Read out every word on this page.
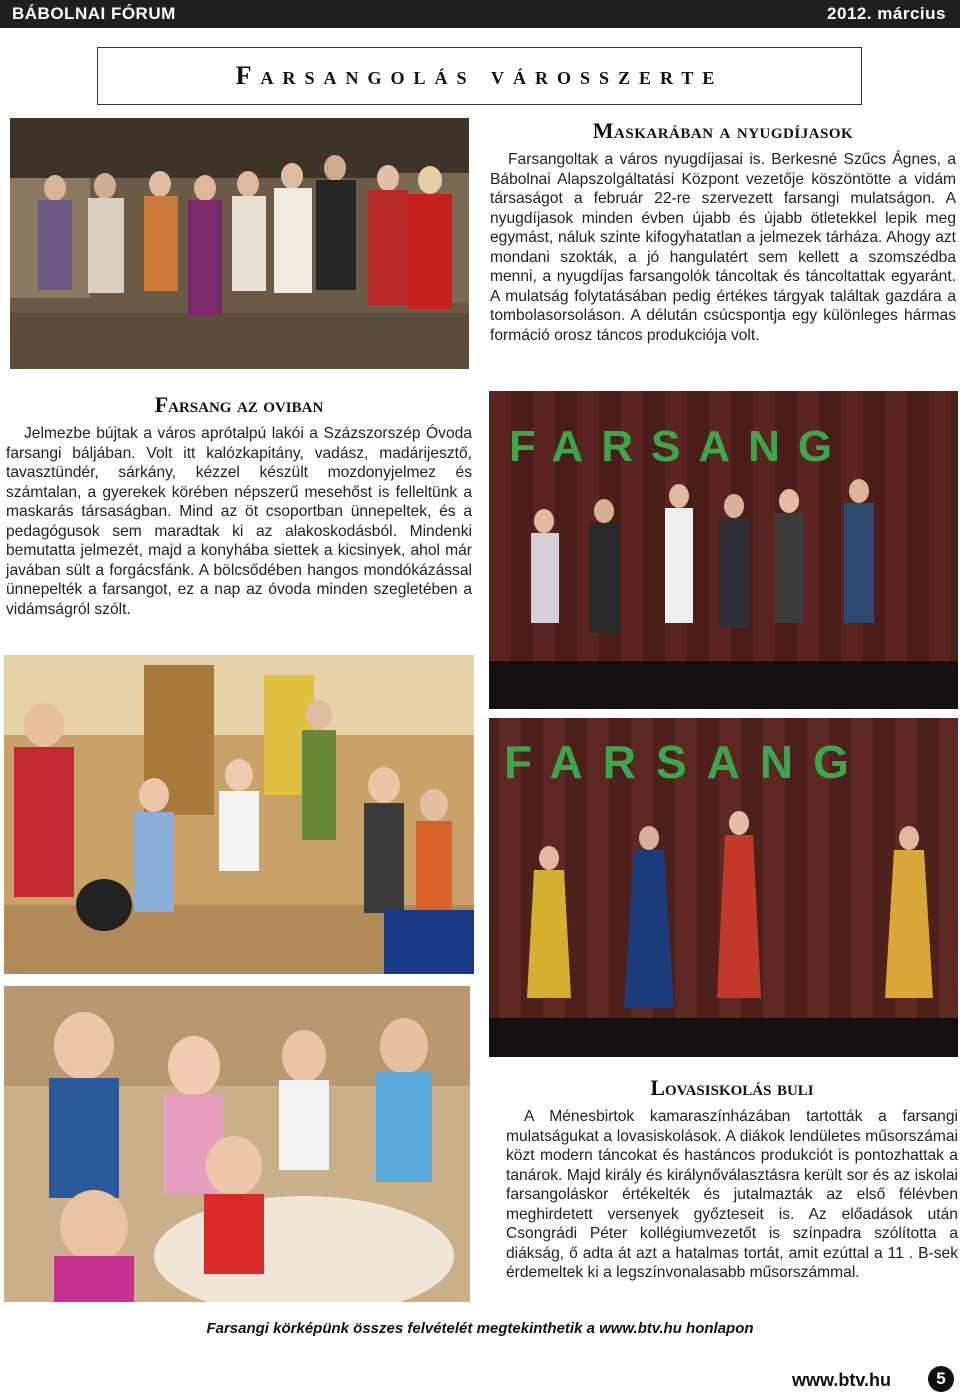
BÁBOLNAI FÓRUM	2012. március
Farsangolás városszerte
Maskarában a nyugdíjasok

Farsangoltak a város nyugdíjasai is. Berkesné Szűcs Ágnes, a Bábolnai Alapszolgáltatási Központ vezetője köszöntötte a vidám társaságot a február 22-re szervezett farsangi mulatságon. A nyugdíjasok minden évben újabb és újabb ötletekkel lepik meg egymást, náluk szinte kifogyhatatlan a jelmezek tárháza. Ahogy azt mondani szokták, a jó hangulatért sem kellett a szomszédba menni, a nyugdíjas farsangolók táncoltak és táncoltattak egyaránt. A mulatság folytatásában pedig értékes tárgyak találtak gazdára a tombolasorsoláson. A délután csúcspontja egy különleges hármas formáció orosz táncos produkciója volt.

Farsang az oviban

Jelmezbe bújtak a város aprótalpú lakói a Százszorszép Óvoda farsangi báljában. Volt itt kalózkapitány, vadász, madárijesztő, tavasztündér, sárkány, kézzel készült mozdonyjelmez és számtalan, a gyerekek körében népszerű mesehőst is felleltünk a maskarás társaságban. Mind az öt csoportban ünnepeltek, és a pedagógusok sem maradtak ki az alakoskodásból. Mindenki bemutatta jelmezét, majd a konyhába siettek a kicsinyek, ahol már javában sült a forgácsfánk. A bölcsődében hangos mondókázással ünnepelték a farsangot, ez a nap az óvoda minden szegletében a vidámságról szólt.

FARSANG
FARSANG
Lovasiskolás buli

A Ménesbirtok kamaraszínházában tartották a farsangi mulatságukat a lovasiskolások. A diákok lendületes műsorszámai közt modern táncokat és hastáncos produkciót is pontozhattak a tanárok. Majd király és királynőválasztásra került sor és az iskolai farsangoláskor értékelték és jutalmazták az első félévben meghirdetett versenyek győzteseit is. Az előadások után Csongrádi Péter kollégiumvezetőt is színpadra szólította a diákság, ő adta át azt a hatalmas tortát, amit ezúttal a 11 . B-sek érdemeltek ki a legszínvonalasabb műsorszámmal.

Farsangi körképünk összes felvételét megtekinthetik a www.btv.hu honlapon
www.btv.hu	5
